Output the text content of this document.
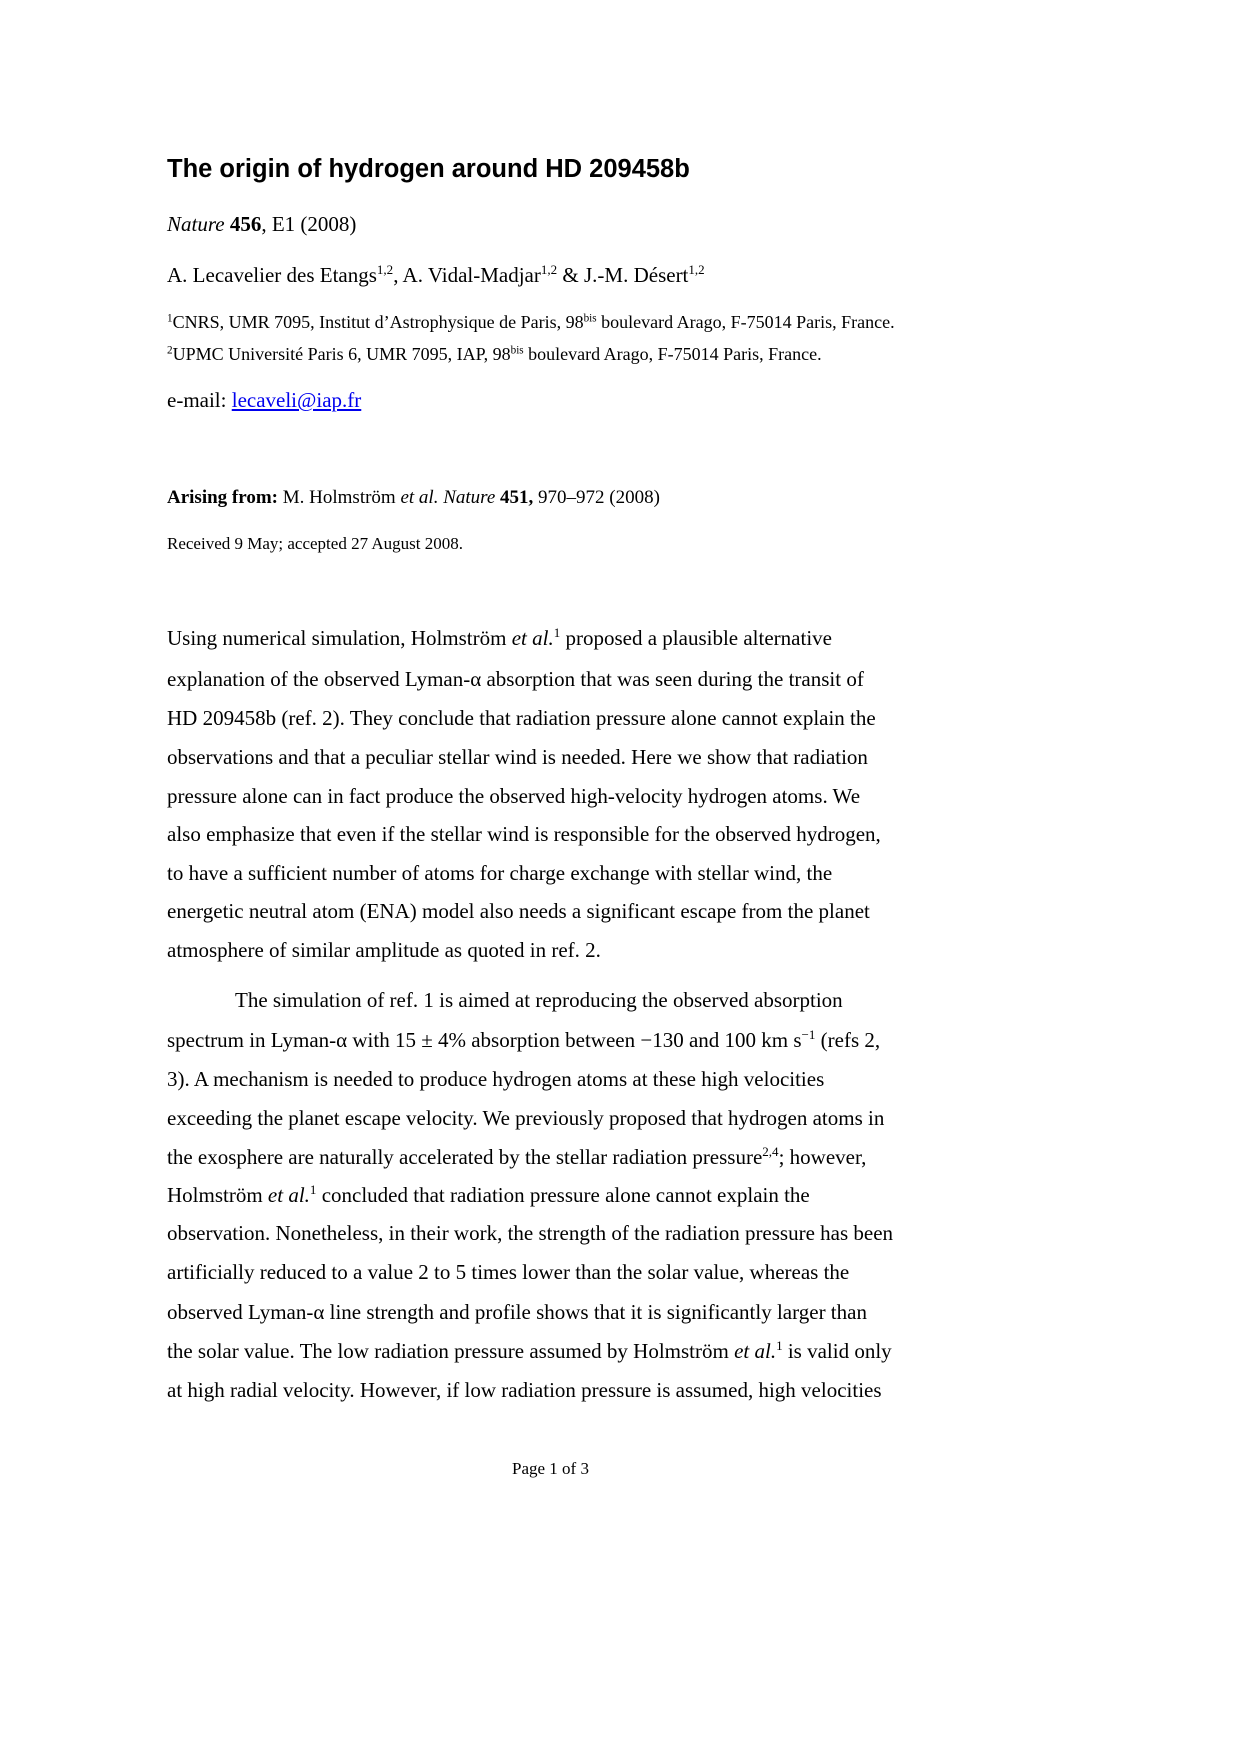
The origin of hydrogen around HD 209458b
Nature 456, E1 (2008)
A. Lecavelier des Etangs$^{1,2}$, A. Vidal-Madjar$^{1,2}$ & J.-M. Désert$^{1,2}$
$^1$CNRS, UMR 7095, Institut d’Astrophysique de Paris, $98^{bis}$ boulevard Arago, F-75014 Paris, France.
$^2$UPMC Université Paris 6, UMR 7095, IAP, $98^{bis}$ boulevard Arago, F-75014 Paris, France.
e-mail: lecaveli@iap.fr
Arising from: M. Holmström et al. Nature 451, 970–972 (2008)
Received 9 May; accepted 27 August 2008.
Using numerical simulation, Holmström et al.$^1$ proposed a plausible alternative
explanation of the observed Lyman-α absorption that was seen during the transit of
HD 209458b (ref. 2). They conclude that radiation pressure alone cannot explain the
observations and that a peculiar stellar wind is needed. Here we show that radiation
pressure alone can in fact produce the observed high-velocity hydrogen atoms. We
also emphasize that even if the stellar wind is responsible for the observed hydrogen,
to have a sufficient number of atoms for charge exchange with stellar wind, the
energetic neutral atom (ENA) model also needs a significant escape from the planet
atmosphere of similar amplitude as quoted in ref. 2.
The simulation of ref. 1 is aimed at reproducing the observed absorption
spectrum in Lyman-α with 15 ± 4% absorption between −130 and 100 km $s^{-1}$ (refs 2,
3). A mechanism is needed to produce hydrogen atoms at these high velocities
exceeding the planet escape velocity. We previously proposed that hydrogen atoms in
the exosphere are naturally accelerated by the stellar radiation pressure$^{2,4}$; however,
Holmström et al.$^1$ concluded that radiation pressure alone cannot explain the
observation. Nonetheless, in their work, the strength of the radiation pressure has been
artificially reduced to a value 2 to 5 times lower than the solar value, whereas the
observed Lyman-α line strength and profile shows that it is significantly larger than
the solar value. The low radiation pressure assumed by Holmström et al.$^1$ is valid only
at high radial velocity. However, if low radiation pressure is assumed, high velocities
Page 1 of 3
